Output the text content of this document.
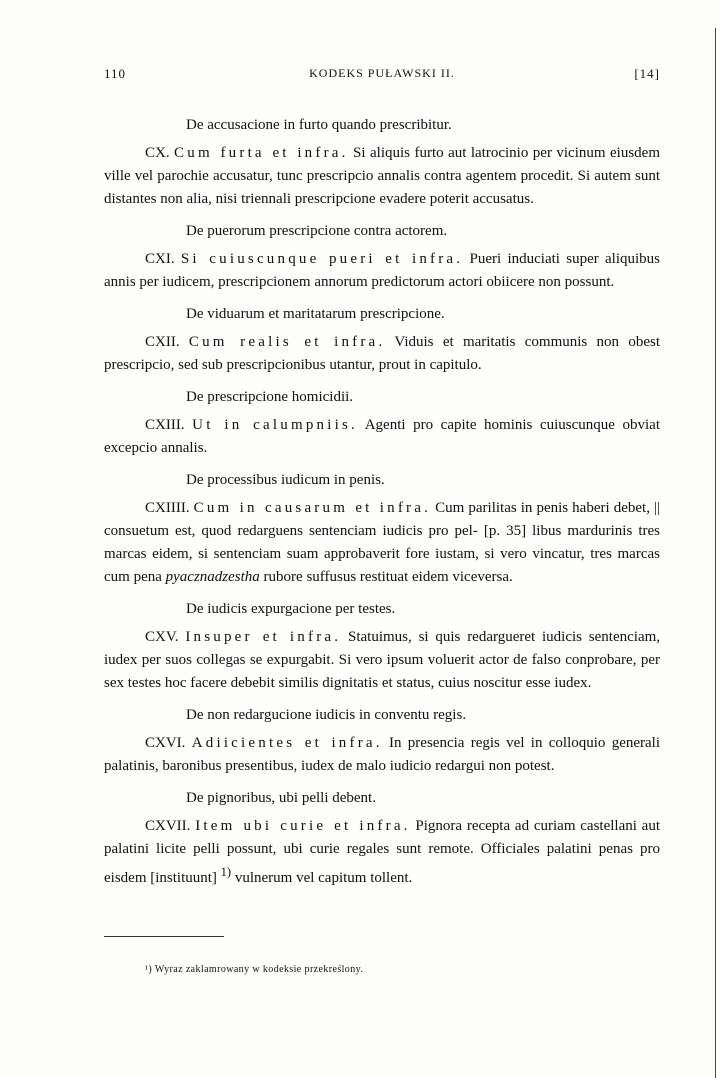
110	KODEKS PUŁAWSKI II.	[14]

De accusacione in furto quando prescribitur.

CX. Cum furta et infra. Si aliquis furto aut latrocinio per vicinum eiusdem ville vel parochie accusatur, tunc prescripcio annalis contra agentem procedit. Si autem sunt distantes non alia, nisi triennali prescripcione evadere poterit accusatus.

De puerorum prescripcione contra actorem.

CXI. Si cuiuscunque pueri et infra. Pueri induciati super aliquibus annis per iudicem, prescripcionem annorum predictorum actori obiicere non possunt.

De viduarum et maritatarum prescripcione.

CXII. Cum realis et infra. Viduis et maritatis communis non obest prescripcio, sed sub prescripcionibus utantur, prout in capitulo.

De prescripcione homicidii.

CXIII. Ut in calumpniis. Agenti pro capite hominis cuiuscunque obviat excepcio annalis.

De processibus iudicum in penis.

CXIIII. Cum in causarum et infra. Cum parilitas in penis haberi debet, || consuetum est, quod redarguens sentenciam iudicis pro pel- [p. 35] libus mardurinis tres marcas eidem, si sentenciam suam approbaverit fore iustam, si vero vincatur, tres marcas cum pena pyacznadzestha rubore suffusus restituat eidem viceversa.

De iudicis expurgacione per testes.

CXV. Insuper et infra. Statuimus, si quis redargueret iudicis sentenciam, iudex per suos collegas se expurgabit. Si vero ipsum voluerit actor de falso conprobare, per sex testes hoc facere debebit similis dignitatis et status, cuius noscitur esse iudex.

De non redargucione iudicis in conventu regis.

CXVI. Adiicientes et infra. In presencia regis vel in colloquio generali palatinis, baronibus presentibus, iudex de malo iudicio redargui non potest.

De pignoribus, ubi pelli debent.

CXVII. Item ubi curie et infra. Pignora recepta ad curiam castellani aut palatini licite pelli possunt, ubi curie regales sunt remote. Officiales palatini penas pro eisdem [instituunt] $^{1)}$ vulnerum vel capitum tollent.

¹) Wyraz zaklamrowany w kodeksie przekreślony.
